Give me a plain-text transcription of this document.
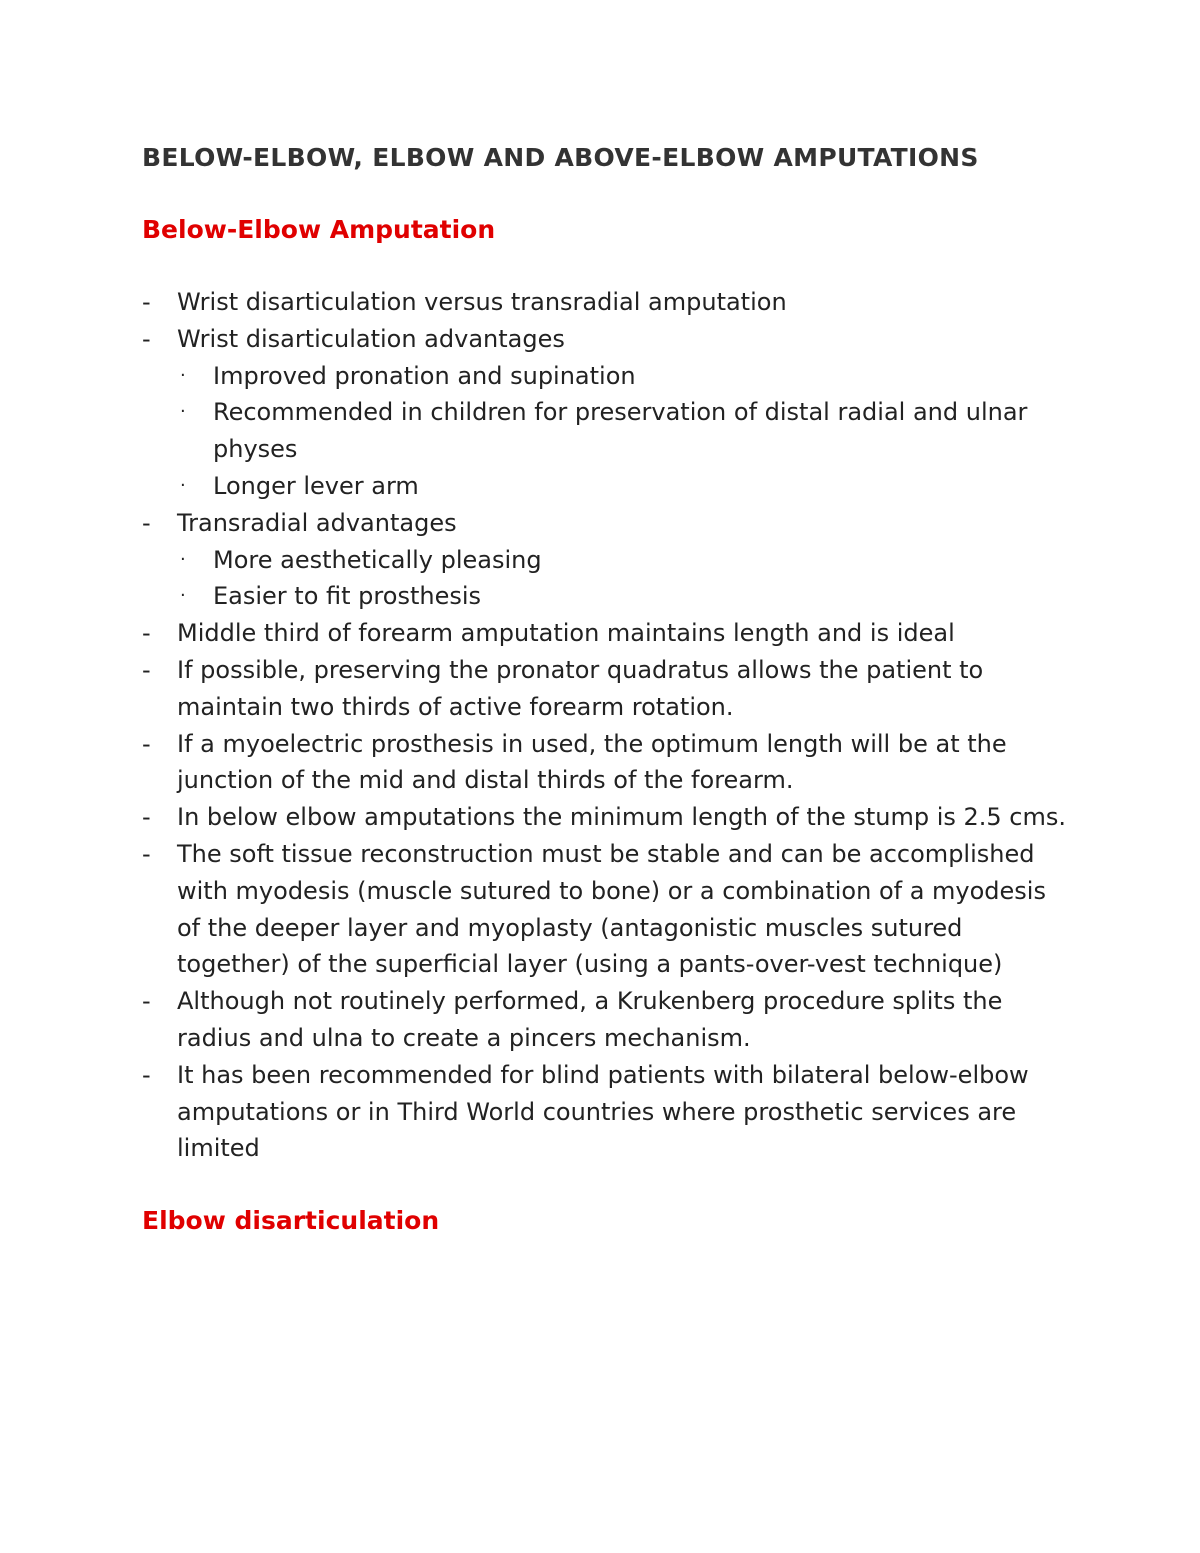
BELOW-ELBOW, ELBOW AND ABOVE-ELBOW AMPUTATIONS
Below-Elbow Amputation
- Wrist disarticulation versus transradial amputation
- Wrist disarticulation advantages
· Improved pronation and supination
· Recommended in children for preservation of distal radial and ulnar physes
· Longer lever arm
- Transradial advantages
· More aesthetically pleasing
· Easier to fit prosthesis
- Middle third of forearm amputation maintains length and is ideal
- If possible, preserving the pronator quadratus allows the patient to maintain two thirds of active forearm rotation.
- If a myoelectric prosthesis in used, the optimum length will be at the junction of the mid and distal thirds of the forearm.
- In below elbow amputations the minimum length of the stump is 2.5 cms.
- The soft tissue reconstruction must be stable and can be accomplished with myodesis (muscle sutured to bone) or a combination of a myodesis of the deeper layer and myoplasty (antagonistic muscles sutured together) of the superficial layer (using a pants-over-vest technique)
- Although not routinely performed, a Krukenberg procedure splits the radius and ulna to create a pincers mechanism.
- It has been recommended for blind patients with bilateral below-elbow amputations or in Third World countries where prosthetic services are limited
Elbow disarticulation
